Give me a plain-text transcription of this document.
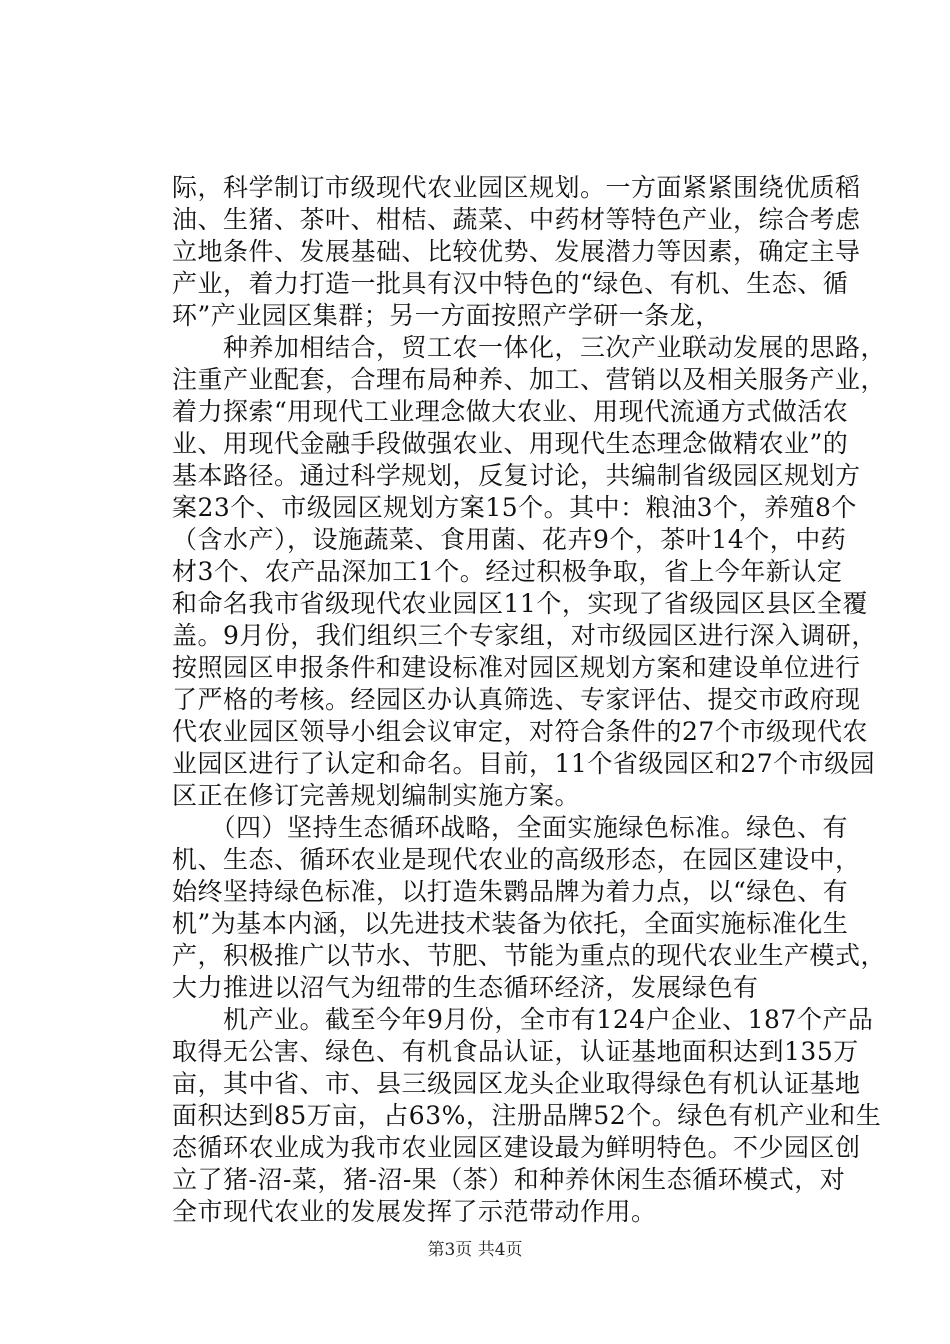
际，科学制订市级现代农业园区规划。一方面紧紧围绕优质稻
油、生猪、茶叶、柑桔、蔬菜、中药材等特色产业，综合考虑
立地条件、发展基础、比较优势、发展潜力等因素，确定主导
产业，着力打造一批具有汉中特色的“绿色、有机、生态、循
环”产业园区集群；另一方面按照产学研一条龙，
　　种养加相结合，贸工农一体化，三次产业联动发展的思路，
注重产业配套，合理布局种养、加工、营销以及相关服务产业，
着力探索“用现代工业理念做大农业、用现代流通方式做活农
业、用现代金融手段做强农业、用现代生态理念做精农业”的
基本路径。通过科学规划，反复讨论，共编制省级园区规划方
案23个、市级园区规划方案15个。其中：粮油3个，养殖8个
（含水产），设施蔬菜、食用菌、花卉9个，茶叶14个，中药
材3个、农产品深加工1个。经过积极争取，省上今年新认定
和命名我市省级现代农业园区11个，实现了省级园区县区全覆
盖。9月份，我们组织三个专家组，对市级园区进行深入调研，
按照园区申报条件和建设标准对园区规划方案和建设单位进行
了严格的考核。经园区办认真筛选、专家评估、提交市政府现
代农业园区领导小组会议审定，对符合条件的27个市级现代农
业园区进行了认定和命名。目前，11个省级园区和27个市级园
区正在修订完善规划编制实施方案。
　　（四）坚持生态循环战略，全面实施绿色标准。绿色、有
机、生态、循环农业是现代农业的高级形态，在园区建设中，
始终坚持绿色标准，以打造朱鹮品牌为着力点，以“绿色、有
机”为基本内涵，以先进技术装备为依托，全面实施标准化生
产，积极推广以节水、节肥、节能为重点的现代农业生产模式，
大力推进以沼气为纽带的生态循环经济，发展绿色有
　　机产业。截至今年9月份，全市有124户企业、187个产品
取得无公害、绿色、有机食品认证，认证基地面积达到135万
亩，其中省、市、县三级园区龙头企业取得绿色有机认证基地
面积达到85万亩，占63%，注册品牌52个。绿色有机产业和生
态循环农业成为我市农业园区建设最为鲜明特色。不少园区创
立了猪-沼-菜，猪-沼-果（茶）和种养休闲生态循环模式，对
全市现代农业的发展发挥了示范带动作用。
第3页 共4页
